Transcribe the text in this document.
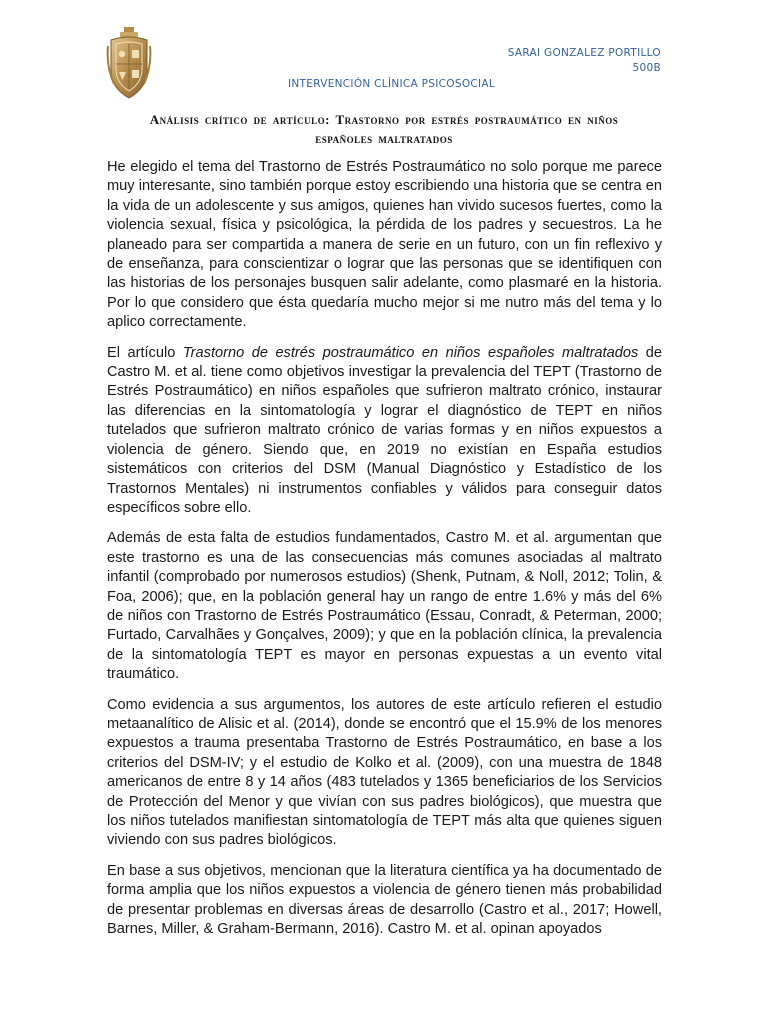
SARAI GONZALEZ PORTILLO
500B
INTERVENCIÓN CLÍNICA PSICOSOCIAL
Análisis crítico de artículo: Trastorno por estrés postraumático en niños
españoles maltratados

He elegido el tema del Trastorno de Estrés Postraumático no solo porque me parece muy interesante, sino también porque estoy escribiendo una historia que se centra en la vida de un adolescente y sus amigos, quienes han vivido sucesos fuertes, como la violencia sexual, física y psicológica, la pérdida de los padres y secuestros. La he planeado para ser compartida a manera de serie en un futuro, con un fin reflexivo y de enseñanza, para conscientizar o lograr que las personas que se identifiquen con las historias de los personajes busquen salir adelante, como plasmaré en la historia. Por lo que considero que ésta quedaría mucho mejor si me nutro más del tema y lo aplico correctamente.

El artículo Trastorno de estrés postraumático en niños españoles maltratados de Castro M. et al. tiene como objetivos investigar la prevalencia del TEPT (Trastorno de Estrés Postraumático) en niños españoles que sufrieron maltrato crónico, instaurar las diferencias en la sintomatología y lograr el diagnóstico de TEPT en niños tutelados que sufrieron maltrato crónico de varias formas y en niños expuestos a violencia de género. Siendo que, en 2019 no existían en España estudios sistemáticos con criterios del DSM (Manual Diagnóstico y Estadístico de los Trastornos Mentales) ni instrumentos confiables y válidos para conseguir datos específicos sobre ello.

Además de esta falta de estudios fundamentados, Castro M. et al. argumentan que este trastorno es una de las consecuencias más comunes asociadas al maltrato infantil (comprobado por numerosos estudios) (Shenk, Putnam, & Noll, 2012; Tolin, & Foa, 2006); que, en la población general hay un rango de entre 1.6% y más del 6% de niños con Trastorno de Estrés Postraumático (Essau, Conradt, & Peterman, 2000; Furtado, Carvalhães y Gonçalves, 2009); y que en la población clínica, la prevalencia de la sintomatología TEPT es mayor en personas expuestas a un evento vital traumático.

Como evidencia a sus argumentos, los autores de este artículo refieren el estudio metaanalítico de Alisic et al. (2014), donde se encontró que el 15.9% de los menores expuestos a trauma presentaba Trastorno de Estrés Postraumático, en base a los criterios del DSM-IV; y el estudio de Kolko et al. (2009), con una muestra de 1848 americanos de entre 8 y 14 años (483 tutelados y 1365 beneficiarios de los Servicios de Protección del Menor y que vivían con sus padres biológicos), que muestra que los niños tutelados manifiestan sintomatología de TEPT más alta que quienes siguen viviendo con sus padres biológicos.

En base a sus objetivos, mencionan que la literatura científica ya ha documentado de forma amplia que los niños expuestos a violencia de género tienen más probabilidad de presentar problemas en diversas áreas de desarrollo (Castro et al., 2017; Howell, Barnes, Miller, & Graham-Bermann, 2016). Castro M. et al. opinan apoyados
